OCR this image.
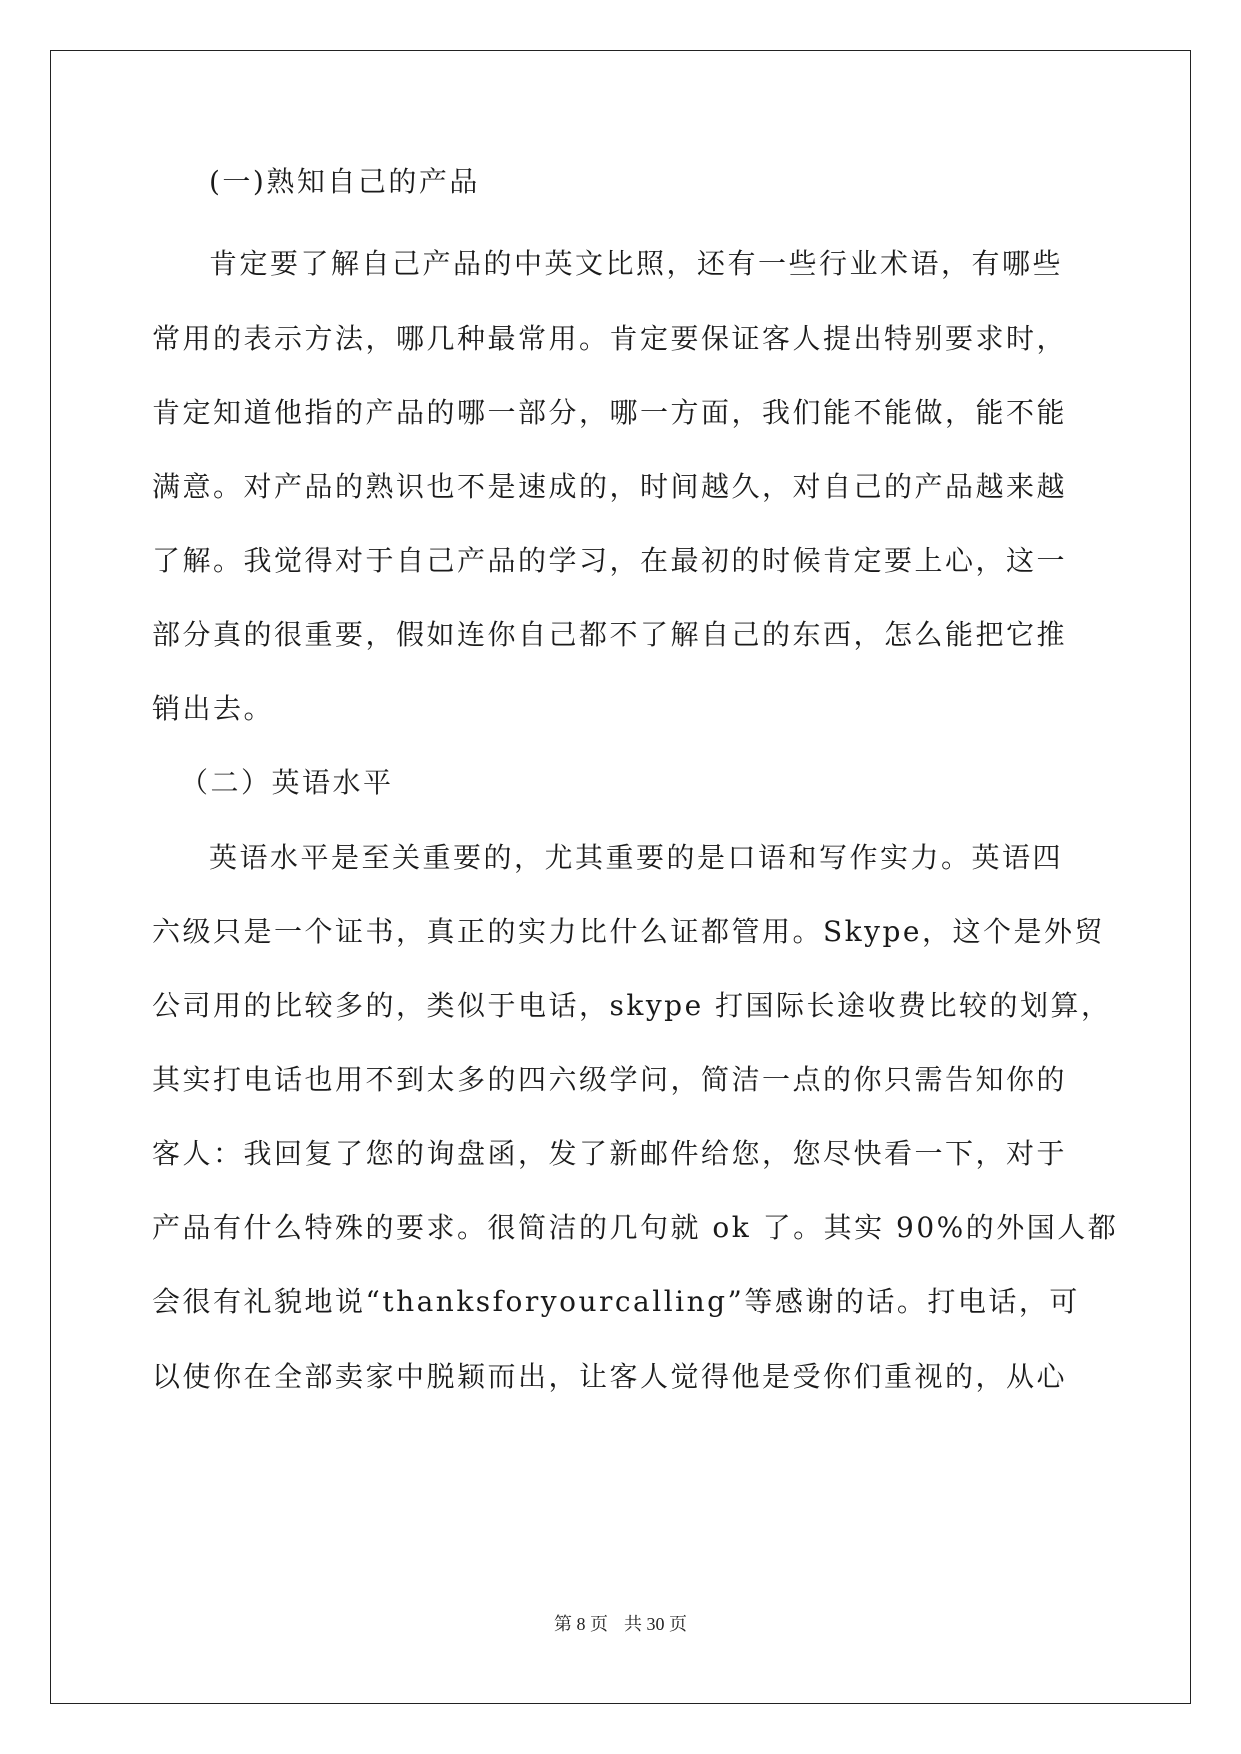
(一)熟知自己的产品
肯定要了解自己产品的中英文比照，还有一些行业术语，有哪些
常用的表示方法，哪几种最常用。肯定要保证客人提出特别要求时，
肯定知道他指的产品的哪一部分，哪一方面，我们能不能做，能不能
满意。对产品的熟识也不是速成的，时间越久，对自己的产品越来越
了解。我觉得对于自己产品的学习，在最初的时候肯定要上心，这一
部分真的很重要，假如连你自己都不了解自己的东西，怎么能把它推
销出去。
（二）英语水平
英语水平是至关重要的，尤其重要的是口语和写作实力。英语四
六级只是一个证书，真正的实力比什么证都管用。Skype，这个是外贸
公司用的比较多的，类似于电话，skype 打国际长途收费比较的划算，
其实打电话也用不到太多的四六级学问，简洁一点的你只需告知你的
客人：我回复了您的询盘函，发了新邮件给您，您尽快看一下，对于
产品有什么特殊的要求。很简洁的几句就 ok 了。其实 90%的外国人都
会很有礼貌地说“thanksforyourcalling”等感谢的话。打电话，可
以使你在全部卖家中脱颖而出，让客人觉得他是受你们重视的，从心
第 8 页 共 30 页
